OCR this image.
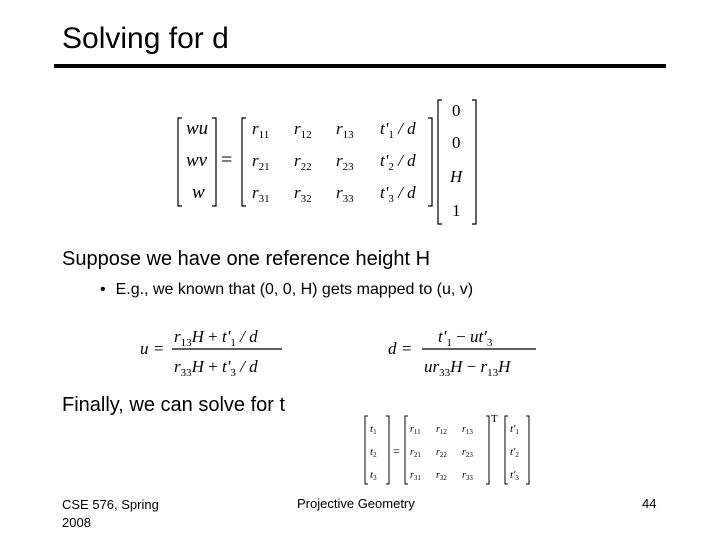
Solving for d
wu
wv
w
=
$r_{11}$ $r_{12}$ $r_{13}$ $t'_1$ / d
$r_{21}$ $r_{22}$ $r_{23}$ $t'_2$ / d
$r_{31}$ $r_{32}$ $r_{33}$ $t'_3$ / d
0
0
H
1
Suppose we have one reference height H
• E.g., we known that (0, 0, H) gets mapped to (u, v)
u =
$r_{13}H + t'_1 / d$
$r_{33}H + t'_3 / d$
d =
$t'_1 - ut'_3$
$ur_{33}H - r_{13}H$
Finally, we can solve for t
t1
t2
t3
=
T
$r_{11}$ $r_{12}$ $r_{13}$
$r_{21}$ $r_{22}$ $r_{23}$
$r_{31}$ $r_{32}$ $r_{33}$
t'1
t'2
t'3
CSE 576, Spring 2008
Projective Geometry	44
